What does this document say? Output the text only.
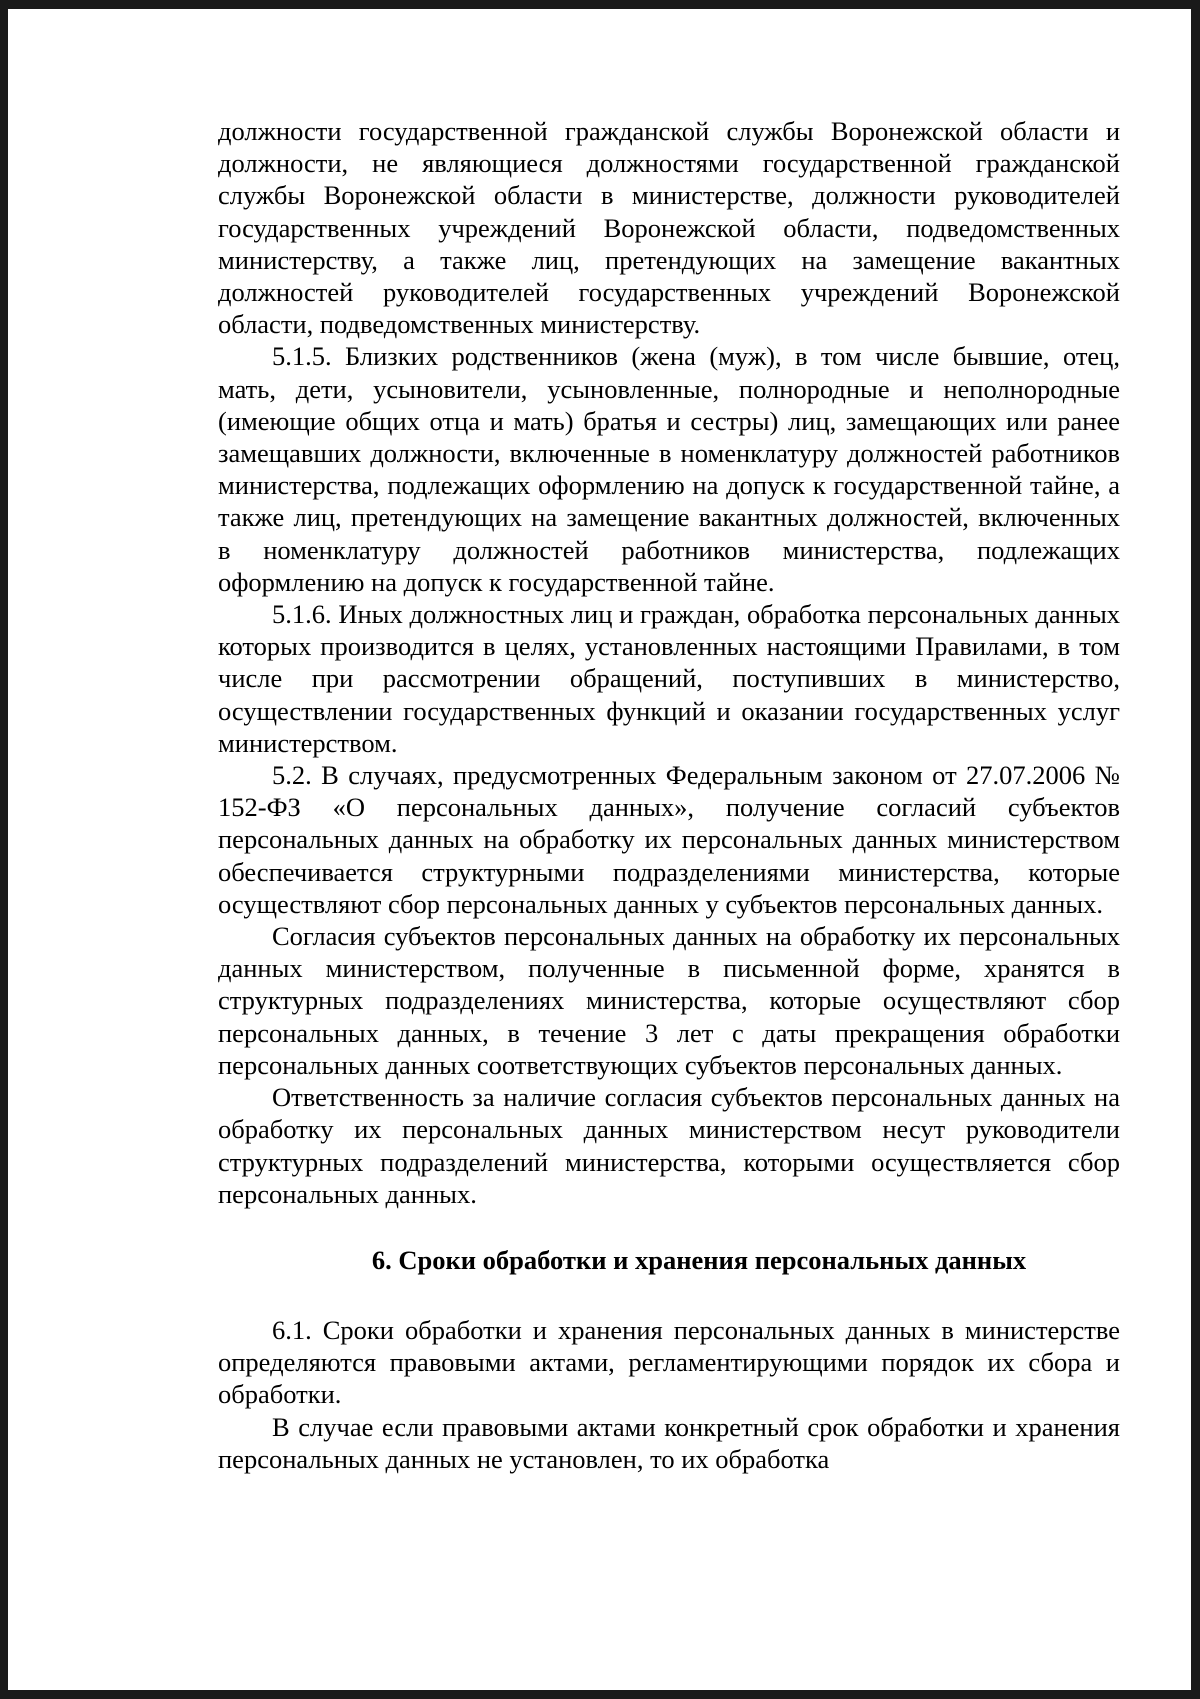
должности государственной гражданской службы Воронежской области и должности, не являющиеся должностями государственной гражданской службы Воронежской области в министерстве, должности руководителей государственных учреждений Воронежской области, подведомственных министерству, а также лиц, претендующих на замещение вакантных должностей руководителей государственных учреждений Воронежской области, подведомственных министерству.

5.1.5. Близких родственников (жена (муж), в том числе бывшие, отец, мать, дети, усыновители, усыновленные, полнородные и неполнородные (имеющие общих отца и мать) братья и сестры) лиц, замещающих или ранее замещавших должности, включенные в номенклатуру должностей работников министерства, подлежащих оформлению на допуск к государственной тайне, а также лиц, претендующих на замещение вакантных должностей, включенных в номенклатуру должностей работников министерства, подлежащих оформлению на допуск к государственной тайне.

5.1.6. Иных должностных лиц и граждан, обработка персональных данных которых производится в целях, установленных настоящими Правилами, в том числе при рассмотрении обращений, поступивших в министерство, осуществлении государственных функций и оказании государственных услуг министерством.

5.2. В случаях, предусмотренных Федеральным законом от 27.07.2006 № 152-ФЗ «О персональных данных», получение согласий субъектов персональных данных на обработку их персональных данных министерством обеспечивается структурными подразделениями министерства, которые осуществляют сбор персональных данных у субъектов персональных данных.

Согласия субъектов персональных данных на обработку их персональных данных министерством, полученные в письменной форме, хранятся в структурных подразделениях министерства, которые осуществляют сбор персональных данных, в течение 3 лет с даты прекращения обработки персональных данных соответствующих субъектов персональных данных.

Ответственность за наличие согласия субъектов персональных данных на обработку их персональных данных министерством несут руководители структурных подразделений министерства, которыми осуществляется сбор персональных данных.

6. Сроки обработки и хранения персональных данных

6.1. Сроки обработки и хранения персональных данных в министерстве определяются правовыми актами, регламентирующими порядок их сбора и обработки.

В случае если правовыми актами конкретный срок обработки и хранения персональных данных не установлен, то их обработка
